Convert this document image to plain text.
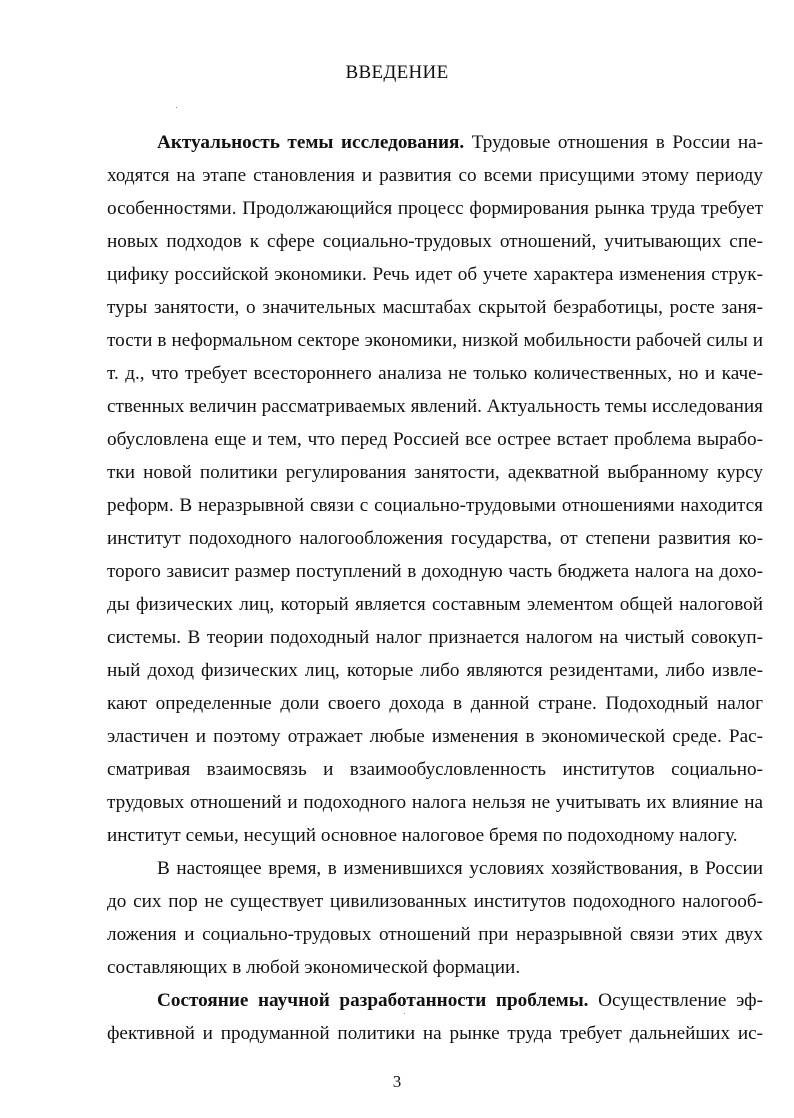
ВВЕДЕНИЕ
Актуальность темы исследования. Трудовые отношения в России на-
ходятся на этапе становления и развития со всеми присущими этому периоду
особенностями. Продолжающийся процесс формирования рынка труда требует
новых подходов к сфере социально-трудовых отношений, учитывающих спе-
цифику российской экономики. Речь идет об учете характера изменения струк-
туры занятости, о значительных масштабах скрытой безработицы, росте заня-
тости в неформальном секторе экономики, низкой мобильности рабочей силы и
т. д., что требует всестороннего анализа не только количественных, но и каче-
ственных величин рассматриваемых явлений. Актуальность темы исследования
обусловлена еще и тем, что перед Россией все острее встает проблема вырабо-
тки новой политики регулирования занятости, адекватной выбранному курсу
реформ. В неразрывной связи с социально-трудовыми отношениями находится
институт подоходного налогообложения государства, от степени развития ко-
торого зависит размер поступлений в доходную часть бюджета налога на дохо-
ды физических лиц, который является составным элементом общей налоговой
системы. В теории подоходный налог признается налогом на чистый совокуп-
ный доход физических лиц, которые либо являются резидентами, либо извле-
кают определенные доли своего дохода в данной стране. Подоходный налог
эластичен и поэтому отражает любые изменения в экономической среде. Рас-
сматривая взаимосвязь и взаимообусловленность институтов социально-
трудовых отношений и подоходного налога нельзя не учитывать их влияние на
институт семьи, несущий основное налоговое бремя по подоходному налогу.
В настоящее время, в изменившихся условиях хозяйствования, в России
до сих пор не существует цивилизованных институтов подоходного налогооб-
ложения и социально-трудовых отношений при неразрывной связи этих двух
составляющих в любой экономической формации.
Состояние научной разработанности проблемы. Осуществление эф-
фективной и продуманной политики на рынке труда требует дальнейших ис-
3
